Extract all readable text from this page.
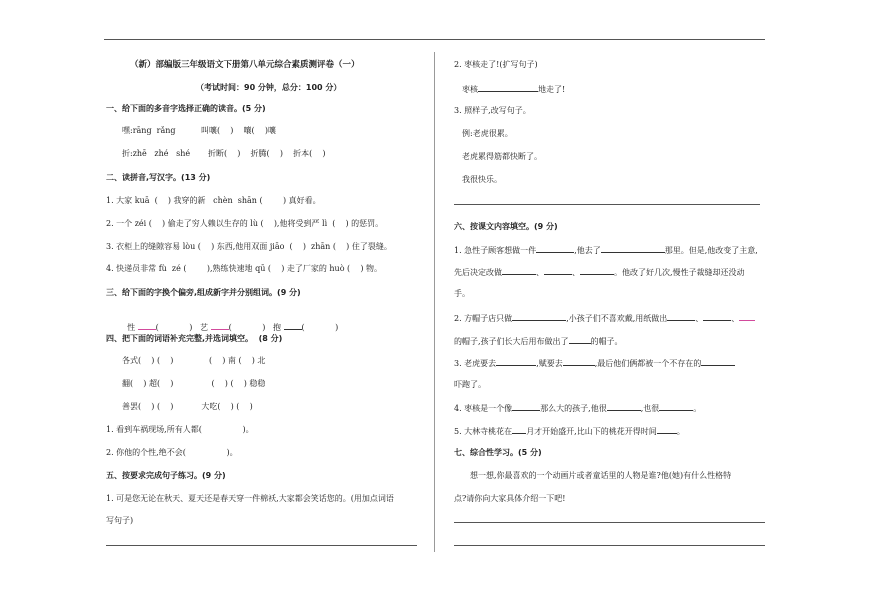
（新）部编版三年级语文下册第八单元综合素质测评卷（一）
（考试时间：90 分钟，总分：100 分）
一、给下面的多音字选择正确的读音。(5 分)
嘿:rāng  rǎng          叫嚷(    )    嚷(    )嚷
折:zhē   zhé   shé       折断(    )    折腾(    )    折本(    )
二、读拼音,写汉字。(13 分)
1. 大家 kuā  (    ) 我穿的新   chèn  shān (        ) 真好看。
2. 一个 zéi (    ) 偷走了穷人赖以生存的 lù (    ),他将受到严 lì  (    ) 的惩罚。
3. 衣柜上的缝隙容易 lòu (    ) 东西,他用双面 jiāo  (    )  zhān (    ) 住了裂缝。
4. 快递员非常 fù  zé (        ),熟练快速地 qū (    ) 走了厂家的 huò (    ) 物。
三、给下面的字换个偏旁,组成新字并分别组词。(9 分)

性	(            )   艺	(            )   抱	(            )

四、把下面的词语补充完整,并选词填空。  (8 分)
各式(    ) (    )              (    ) 南 (    ) 北
翻(    ) 超(    )               (    ) (    ) 稳稳
善罢(    ) (    )           大吃(    ) (    )
1. 看到车祸现场,所有人都(                )。
2. 你他的个性,绝不会(                )。
五、按要求完成句子练习。(9 分)
1. 可是您无论在秋天、夏天还是春天穿一件棉袄,大家都会笑话您的。(用加点词语
写句子)
2. 枣核走了!(扩写句子)
枣核	地走了!
3. 照样子,改写句子。
例:老虎很累。
老虎累得筋都快断了。
我很快乐。
六、按课文内容填空。(9 分)
1. 急性子顾客想做一件	,他去了	那里。但是,他改变了主意,
先后决定改做	、	、	。他改了好几次,慢性子裁缝却还没动
手。
2. 方帽子店只做	,小孩子们不喜欢戴,用纸做出	、	、
的帽子,孩子们长大后用布做出了	的帽子。
3. 老虎要去	,赋要去	,最后他们俩都被一个不存在的
吓跑了。
4. 枣核是一个像	那么大的孩子,他很	,也很	。
5. 大林寺桃花在 月才开始盛开,比山下的桃花开得时间	。
七、综合性学习。(5 分)
想一想,你最喜欢的一个动画片或者童话里的人物是谁?他(她)有什么性格特
点?请你向大家具体介绍一下吧!
